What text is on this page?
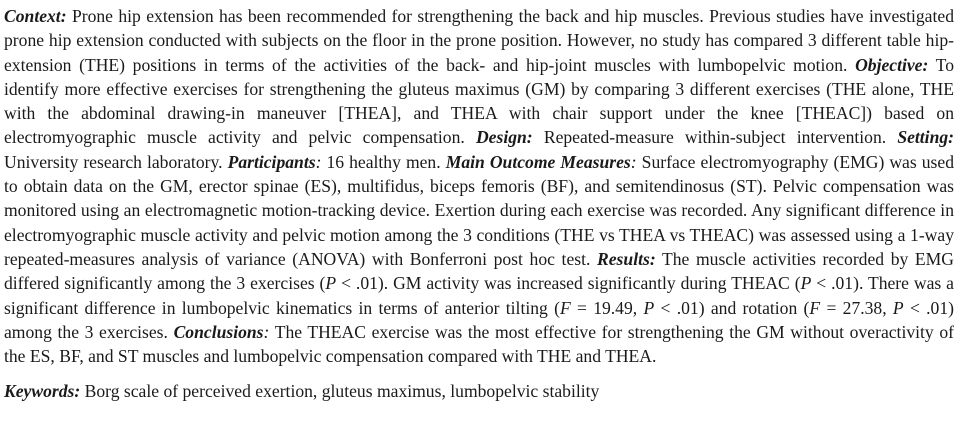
Context: Prone hip extension has been recommended for strengthening the back and hip muscles. Previous studies have investigated prone hip extension conducted with subjects on the floor in the prone position. However, no study has compared 3 different table hip-extension (THE) positions in terms of the activities of the back- and hip-joint muscles with lumbopelvic motion. Objective: To identify more effective exercises for strengthening the gluteus maximus (GM) by comparing 3 different exercises (THE alone, THE with the abdominal drawing-in maneuver [THEA], and THEA with chair support under the knee [THEAC]) based on electromyographic muscle activity and pelvic compensation. Design: Repeated-measure within-subject intervention. Setting: University research laboratory. Participants: 16 healthy men. Main Outcome Measures: Surface electromyography (EMG) was used to obtain data on the GM, erector spinae (ES), multifidus, biceps femoris (BF), and semitendinosus (ST). Pelvic compensation was monitored using an electromagnetic motion-tracking device. Exertion during each exercise was recorded. Any significant difference in electromyographic muscle activity and pelvic motion among the 3 conditions (THE vs THEA vs THEAC) was assessed using a 1-way repeated-measures analysis of variance (ANOVA) with Bonferroni post hoc test. Results: The muscle activities recorded by EMG differed significantly among the 3 exercises (P < .01). GM activity was increased significantly during THEAC (P < .01). There was a significant difference in lumbopelvic kinematics in terms of anterior tilting (F = 19.49, P < .01) and rotation (F = 27.38, P < .01) among the 3 exercises. Conclusions: The THEAC exercise was the most effective for strengthening the GM without overactivity of the ES, BF, and ST muscles and lumbopelvic compensation compared with THE and THEA.

Keywords: Borg scale of perceived exertion, gluteus maximus, lumbopelvic stability
